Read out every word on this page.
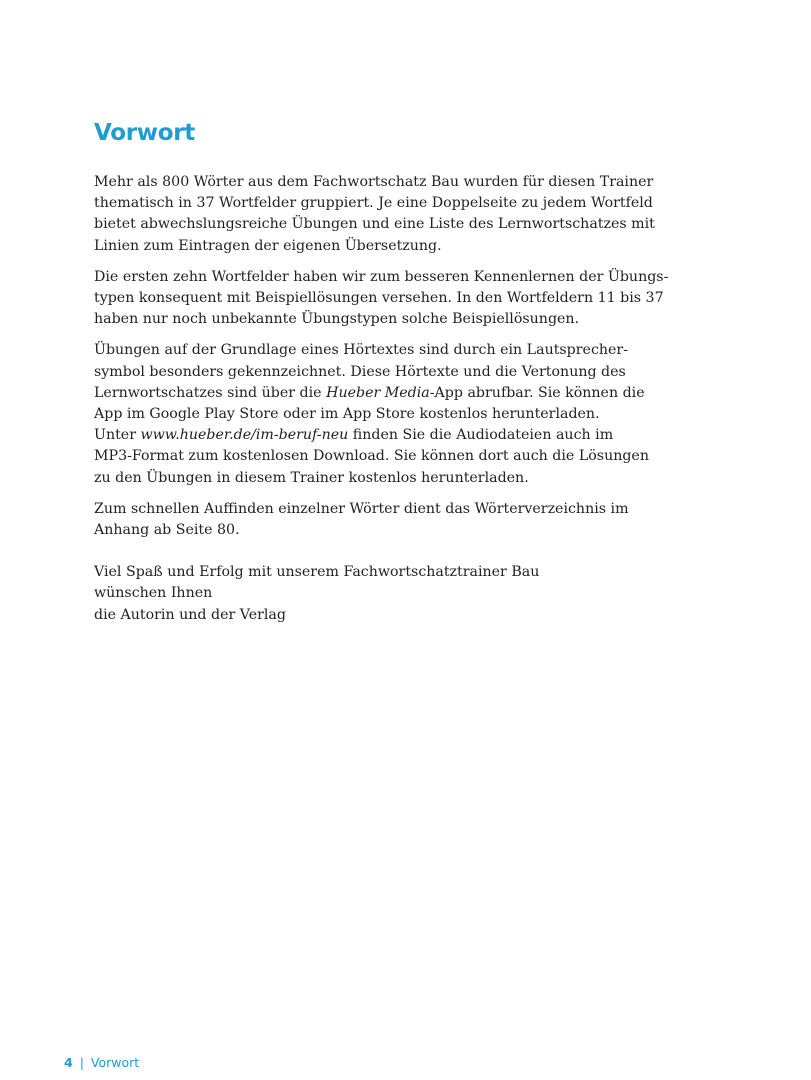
Vorwort

Mehr als 800 Wörter aus dem Fachwortschatz Bau wurden für diesen Trainer
thematisch in 37 Wortfelder gruppiert. Je eine Doppelseite zu jedem Wortfeld
bietet abwechslungsreiche Übungen und eine Liste des Lernwortschatzes mit
Linien zum Eintragen der eigenen Übersetzung.

Die ersten zehn Wortfelder haben wir zum besseren Kennenlernen der Übungs-
typen konsequent mit Beispiellösungen versehen. In den Wortfeldern 11 bis 37
haben nur noch unbekannte Übungstypen solche Beispiellösungen.

Übungen auf der Grundlage eines Hörtextes sind durch ein Lautsprecher-
symbol besonders gekennzeichnet. Diese Hörtexte und die Vertonung des
Lernwortschatzes sind über die Hueber Media-App abrufbar. Sie können die
App im Google Play Store oder im App Store kostenlos herunterladen.
Unter www.hueber.de/im-beruf-neu finden Sie die Audiodateien auch im
MP3-Format zum kostenlosen Download. Sie können dort auch die Lösungen
zu den Übungen in diesem Trainer kostenlos herunterladen.

Zum schnellen Auffinden einzelner Wörter dient das Wörterverzeichnis im
Anhang ab Seite 80.

Viel Spaß und Erfolg mit unserem Fachwortschatztrainer Bau
wünschen Ihnen
die Autorin und der Verlag
4 | Vorwort
